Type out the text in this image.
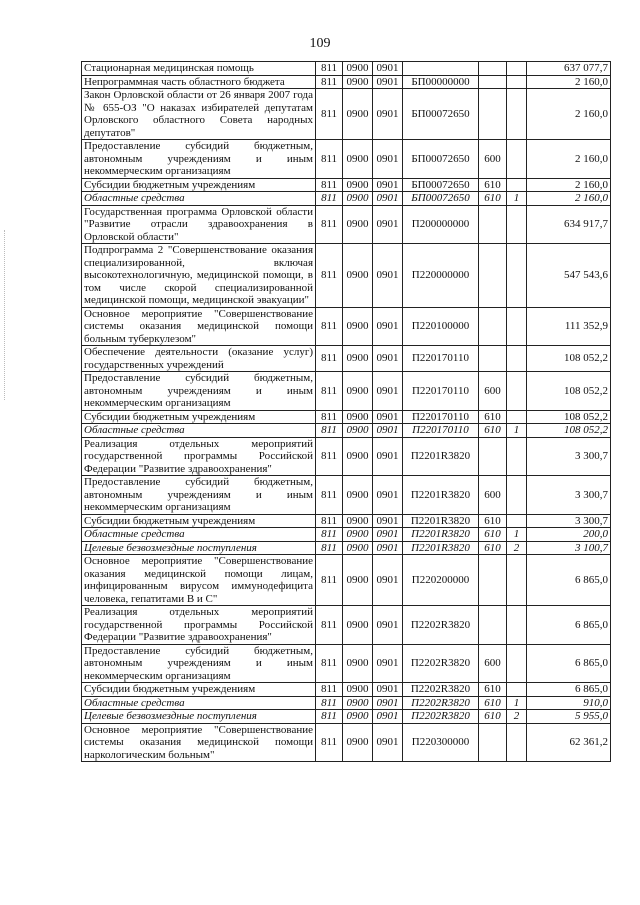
109
Стационарная медицинская помощь	811	0900	0901				637 077,7
Непрограммная часть областного бюджета	811	0900	0901	БП00000000			2 160,0
Закон Орловской области от 26 января 2007 года № 655-ОЗ "О наказах избирателей депутатам Орловского областного Совета народных депутатов"	811	0900	0901	БП00072650			2 160,0
Предоставление субсидий бюджетным, автономным учреждениям и иным некоммерческим организациям	811	0900	0901	БП00072650	600		2 160,0
Субсидии бюджетным учреждениям	811	0900	0901	БП00072650	610		2 160,0
Областные средства	811	0900	0901	БП00072650	610	1	2 160,0
Государственная программа Орловской области "Развитие отрасли здравоохранения в Орловской области"	811	0900	0901	П200000000			634 917,7
Подпрограмма 2 "Совершенствование оказания специализированной, включая высокотехнологичную, медицинской помощи, в том числе скорой специализированной медицинской помощи, медицинской эвакуации"	811	0900	0901	П220000000			547 543,6
Основное мероприятие "Совершенствование системы оказания медицинской помощи больным туберкулезом"	811	0900	0901	П220100000			111 352,9
Обеспечение деятельности (оказание услуг) государственных учреждений	811	0900	0901	П220170110			108 052,2
Предоставление субсидий бюджетным, автономным учреждениям и иным некоммерческим организациям	811	0900	0901	П220170110	600		108 052,2
Субсидии бюджетным учреждениям	811	0900	0901	П220170110	610		108 052,2
Областные средства	811	0900	0901	П220170110	610	1	108 052,2
Реализация отдельных мероприятий государственной программы Российской Федерации "Развитие здравоохранения"	811	0900	0901	П2201R3820			3 300,7
Предоставление субсидий бюджетным, автономным учреждениям и иным некоммерческим организациям	811	0900	0901	П2201R3820	600		3 300,7
Субсидии бюджетным учреждениям	811	0900	0901	П2201R3820	610		3 300,7
Областные средства	811	0900	0901	П2201R3820	610	1	200,0
Целевые безвозмездные поступления	811	0900	0901	П2201R3820	610	2	3 100,7
Основное мероприятие "Совершенствование оказания медицинской помощи лицам, инфицированным вирусом иммунодефицита человека, гепатитами B и C"	811	0900	0901	П220200000			6 865,0
Реализация отдельных мероприятий государственной программы Российской Федерации "Развитие здравоохранения"	811	0900	0901	П2202R3820			6 865,0
Предоставление субсидий бюджетным, автономным учреждениям и иным некоммерческим организациям	811	0900	0901	П2202R3820	600		6 865,0
Субсидии бюджетным учреждениям	811	0900	0901	П2202R3820	610		6 865,0
Областные средства	811	0900	0901	П2202R3820	610	1	910,0
Целевые безвозмездные поступления	811	0900	0901	П2202R3820	610	2	5 955,0
Основное мероприятие "Совершенствование системы оказания медицинской помощи наркологическим больным"	811	0900	0901	П220300000			62 361,2
